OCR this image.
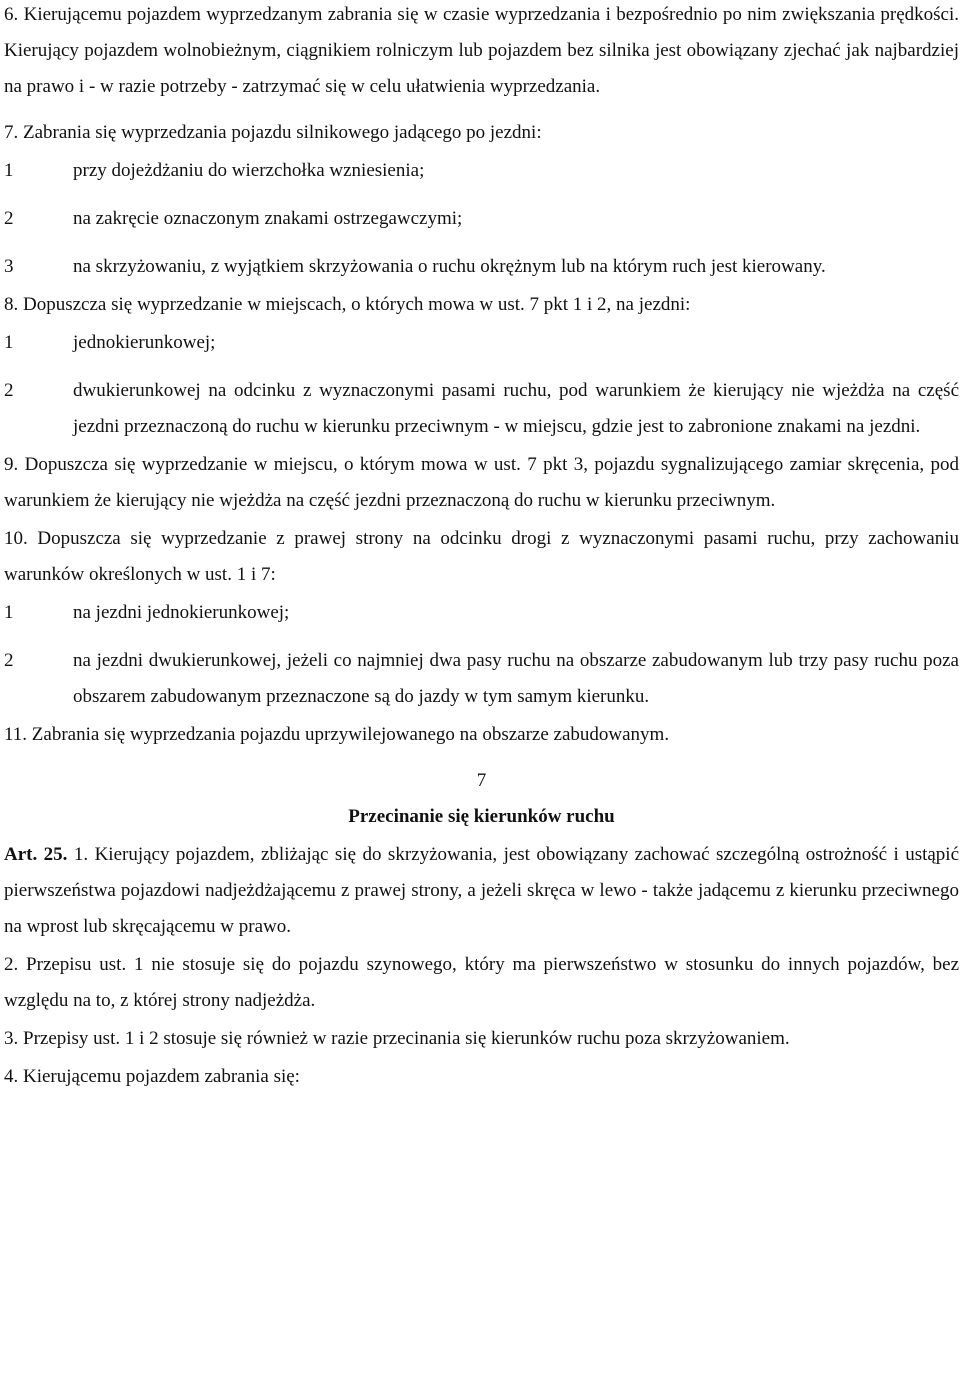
6. Kierującemu pojazdem wyprzedzanym zabrania się w czasie wyprzedzania i bezpośrednio po nim zwiększania prędkości. Kierujący pojazdem wolnobieżnym, ciągnikiem rolniczym lub pojazdem bez silnika jest obowiązany zjechać jak najbardziej na prawo i - w razie potrzeby - zatrzymać się w celu ułatwienia wyprzedzania.

7. Zabrania się wyprzedzania pojazdu silnikowego jadącego po jezdni:

1	przy dojeżdżaniu do wierzchołka wzniesienia;
2	na zakręcie oznaczonym znakami ostrzegawczymi;
3	na skrzyżowaniu, z wyjątkiem skrzyżowania o ruchu okrężnym lub na którym ruch jest kierowany.

8. Dopuszcza się wyprzedzanie w miejscach, o których mowa w ust. 7 pkt 1 i 2, na jezdni:

1	jednokierunkowej;
2	dwukierunkowej na odcinku z wyznaczonymi pasami ruchu, pod warunkiem że kierujący nie wjeżdża na część jezdni przeznaczoną do ruchu w kierunku przeciwnym - w miejscu, gdzie jest to zabronione znakami na jezdni.

9. Dopuszcza się wyprzedzanie w miejscu, o którym mowa w ust. 7 pkt 3, pojazdu sygnalizującego zamiar skręcenia, pod warunkiem że kierujący nie wjeżdża na część jezdni przeznaczoną do ruchu w kierunku przeciwnym.

10. Dopuszcza się wyprzedzanie z prawej strony na odcinku drogi z wyznaczonymi pasami ruchu, przy zachowaniu warunków określonych w ust. 1 i 7:

1	na jezdni jednokierunkowej;
2	na jezdni dwukierunkowej, jeżeli co najmniej dwa pasy ruchu na obszarze zabudowanym lub trzy pasy ruchu poza obszarem zabudowanym przeznaczone są do jazdy w tym samym kierunku.

11. Zabrania się wyprzedzania pojazdu uprzywilejowanego na obszarze zabudowanym.

7

Przecinanie się kierunków ruchu

Art. 25. 1. Kierujący pojazdem, zbliżając się do skrzyżowania, jest obowiązany zachować szczególną ostrożność i ustąpić pierwszeństwa pojazdowi nadjeżdżającemu z prawej strony, a jeżeli skręca w lewo - także jadącemu z kierunku przeciwnego na wprost lub skręcającemu w prawo.

2. Przepisu ust. 1 nie stosuje się do pojazdu szynowego, który ma pierwszeństwo w stosunku do innych pojazdów, bez względu na to, z której strony nadjeżdża.

3. Przepisy ust. 1 i 2 stosuje się również w razie przecinania się kierunków ruchu poza skrzyżowaniem.

4. Kierującemu pojazdem zabrania się:
